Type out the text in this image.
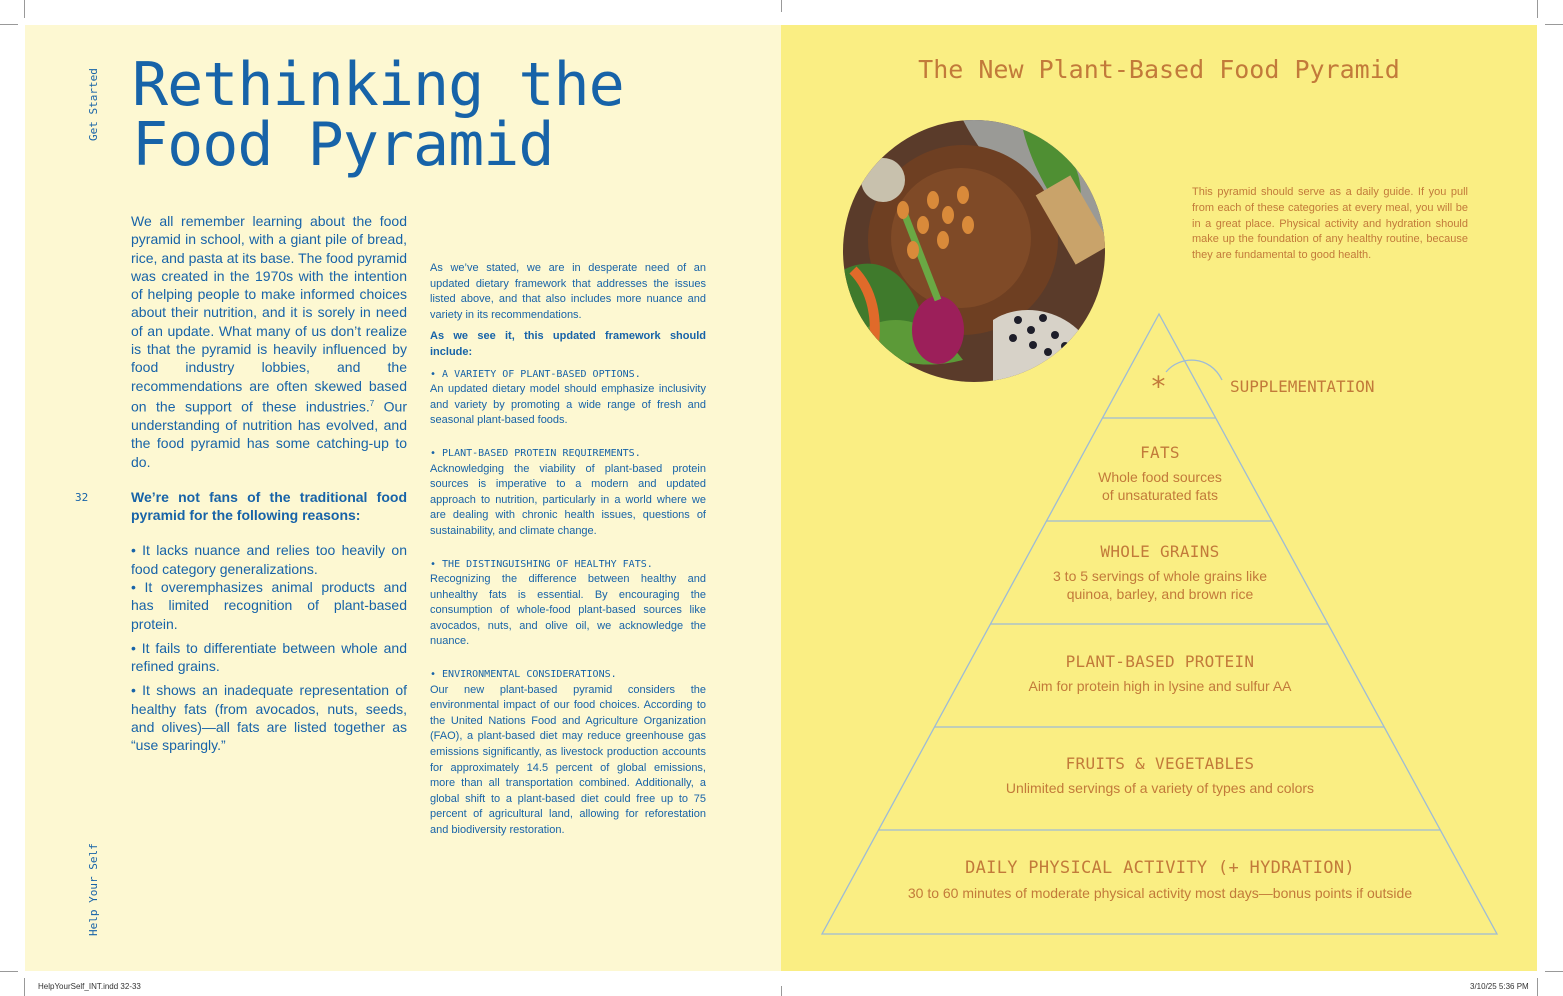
Get Started
Help Your Self
32
Rethinking the
Food Pyramid

We all remember learning about the food pyramid in school, with a giant pile of bread, rice, and pasta at its base. The food pyramid was created in the 1970s with the intention of helping people to make informed choices about their nutrition, and it is sorely in need of an update. What many of us don’t realize is that the pyramid is heavily influenced by food industry lobbies, and the recommendations are often skewed based on the support of these industries.$^7$ Our understanding of nutrition has evolved, and the food pyramid has some catching-up to do.

We’re not fans of the traditional food pyramid for the following reasons:

• It lacks nuance and relies too heavily on food category generalizations.

• It overemphasizes animal products and has limited recognition of plant-based protein.

• It fails to differentiate between whole and refined grains.

• It shows an inadequate representation of healthy fats (from avocados, nuts, seeds, and olives)—all fats are listed together as “use sparingly.”

As we’ve stated, we are in desperate need of an updated dietary framework that addresses the issues listed above, and that also includes more nuance and variety in its recommendations.

As we see it, this updated framework should include:

• A VARIETY OF PLANT-BASED OPTIONS.
An updated dietary model should emphasize inclusivity and variety by promoting a wide range of fresh and seasonal plant-based foods.
• PLANT-BASED PROTEIN REQUIREMENTS.
Acknowledging the viability of plant-based protein sources is imperative to a modern and updated approach to nutrition, particularly in a world where we are dealing with chronic health issues, questions of sustainability, and climate change.
• THE DISTINGUISHING OF HEALTHY FATS.
Recognizing the difference between healthy and unhealthy fats is essential. By encouraging the consumption of whole-food plant-based sources like avocados, nuts, and olive oil, we acknowledge the nuance.
• ENVIRONMENTAL CONSIDERATIONS.
Our new plant-based pyramid considers the environmental impact of our food choices. According to the United Nations Food and Agriculture Organization (FAO), a plant-based diet may reduce greenhouse gas emissions significantly, as livestock production accounts for approximately 14.5 percent of global emissions, more than all transportation combined. Additionally, a global shift to a plant-based diet could free up to 75 percent of agricultural land, allowing for reforestation and biodiversity restoration.
The New Plant-Based Food Pyramid
This pyramid should serve as a daily guide. If you pull from each of these categories at every meal, you will be in a great place. Physical activity and hydration should make up the foundation of any healthy routine, because they are fundamental to good health.
*	SUPPLEMENTATION
FATS
Whole food sources
of unsaturated fats
WHOLE GRAINS
3 to 5 servings of whole grains like
quinoa, barley, and brown rice
PLANT-BASED PROTEIN
Aim for protein high in lysine and sulfur AA
FRUITS & VEGETABLES
Unlimited servings of a variety of types and colors
DAILY PHYSICAL ACTIVITY (+ HYDRATION)
30 to 60 minutes of moderate physical activity most days—bonus points if outside
HelpYourSelf_INT.indd 32-33	3/10/25 5:36 PM
